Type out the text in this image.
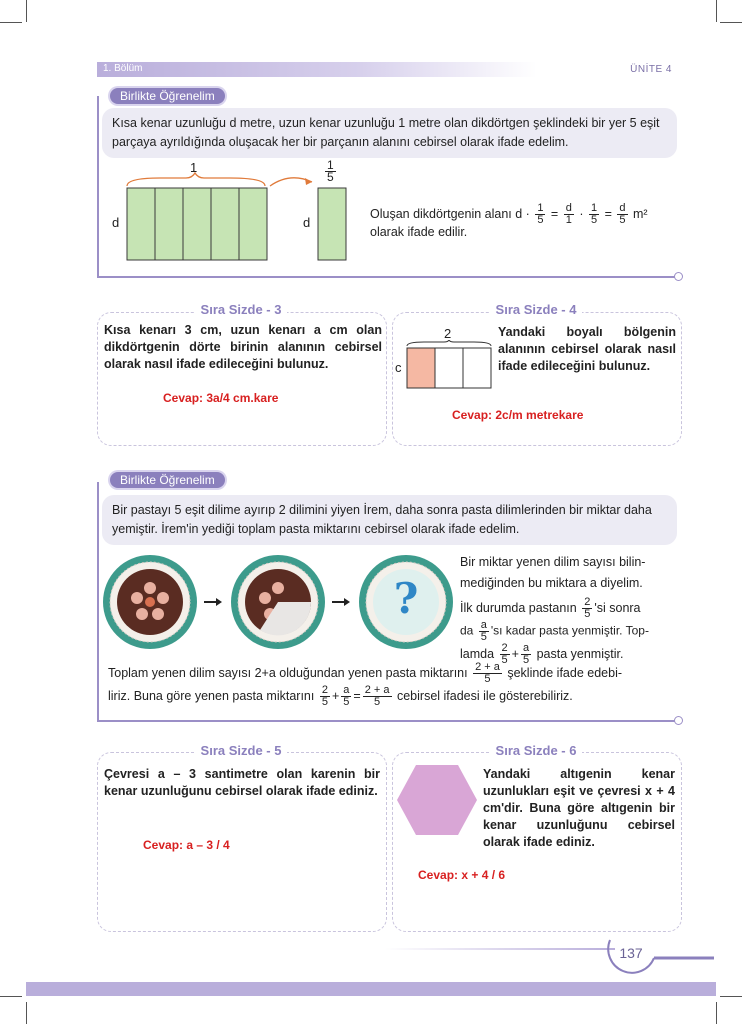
1. Bölüm	ÜNİTE 4
Birlikte Öğrenelim
Kısa kenar uzunluğu d metre, uzun kenar uzunluğu 1 metre olan dikdörtgen şeklindeki bir yer 5 eşit parçaya ayrıldığında oluşacak her bir parçanın alanını cebirsel olarak ifade edelim.
1
d
$\frac{1}{5}$
d
Oluşan dikdörtgenin alanı $d \cdot \frac{1}{5} = \frac{d}{1} \cdot \frac{1}{5} = \frac{d}{5} m^2$
olarak ifade edilir.
Sıra Sizde - 3
Kısa kenarı 3 cm, uzun kenarı a cm olan dikdörtgenin dörte birinin alanının cebirsel olarak nasıl ifade edileceğini bulunuz.
Cevap: 3a/4 cm.kare
Sıra Sizde - 4
2
c
Yandaki boyalı bölgenin alanının cebirsel olarak nasıl ifade edileceğini bulunuz.
Cevap: 2c/m metrekare
Birlikte Öğrenelim
Bir pastayı 5 eşit dilime ayırıp 2 dilimini yiyen İrem, daha sonra pasta dilimlerinden bir miktar daha yemiştir. İrem'in yediği toplam pasta miktarını cebirsel olarak ifade edelim.
?
Bir miktar yenen dilim sayısı bilin-
mediğinden bu miktara a diyelim.
İlk durumda pastanın $\frac{2}{5}$ 'si sonra
da $\frac{a}{5}$ 'sı kadar pasta yenmiştir. Top-
lamda $\frac{2}{5} + \frac{a}{5}$ pasta yenmiştir.
Toplam yenen dilim sayısı 2+a olduğundan yenen pasta miktarını $\frac{2 + a}{5}$ şeklinde ifade edebi-
liriz. Buna göre yenen pasta miktarını $\frac{2}{5} + \frac{a}{5} = \frac{2 + a}{5}$ cebirsel ifadesi ile gösterebiliriz.
Sıra Sizde - 5
Çevresi a – 3 santimetre olan karenin bir kenar uzunluğunu cebirsel olarak ifade ediniz.
Cevap: a – 3 / 4
Sıra Sizde - 6
Yandaki altıgenin kenar uzunlukları eşit ve çevresi x + 4 cm'dir. Buna göre altıgenin bir kenar uzunluğunu cebirsel olarak ifade ediniz.
Cevap: x + 4 / 6
137
